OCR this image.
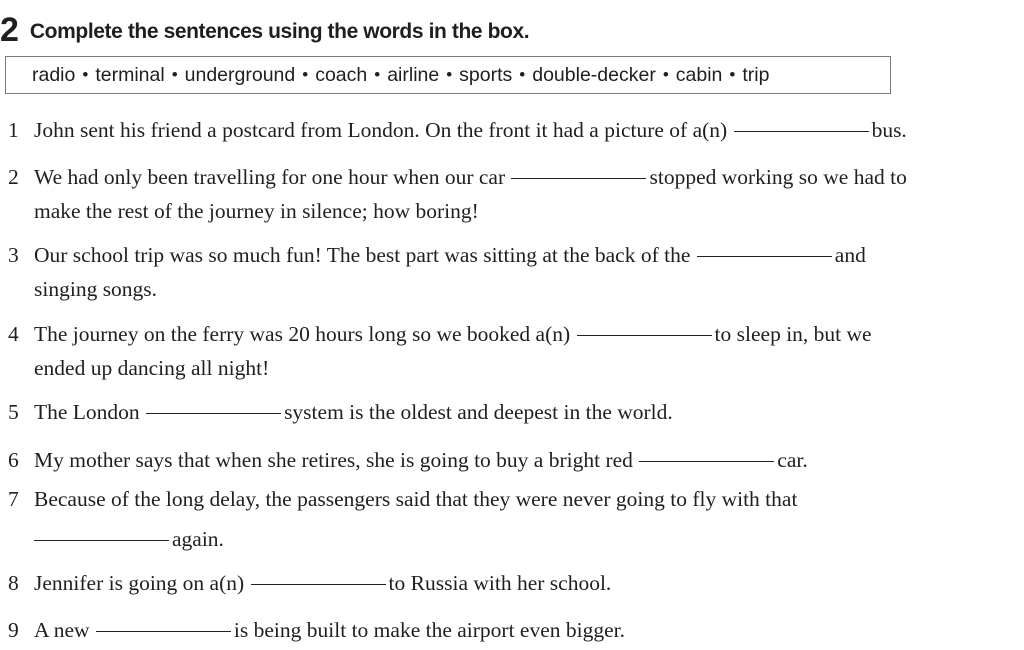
2 Complete the sentences using the words in the box.
radio • terminal • underground • coach • airline • sports • double-decker • cabin • trip
1 John sent his friend a postcard from London. On the front it had a picture of a(n)	bus.
2 We had only been travelling for one hour when our car	stopped working so we had to
make the rest of the journey in silence; how boring!
3 Our school trip was so much fun! The best part was sitting at the back of the	and
singing songs.
4 The journey on the ferry was 20 hours long so we booked a(n)	to sleep in, but we
ended up dancing all night!
5 The London	system is the oldest and deepest in the world.
6 My mother says that when she retires, she is going to buy a bright red	car.
7 Because of the long delay, the passengers said that they were never going to fly with that
again.
8 Jennifer is going on a(n)	to Russia with her school.
9 A new	is being built to make the airport even bigger.
